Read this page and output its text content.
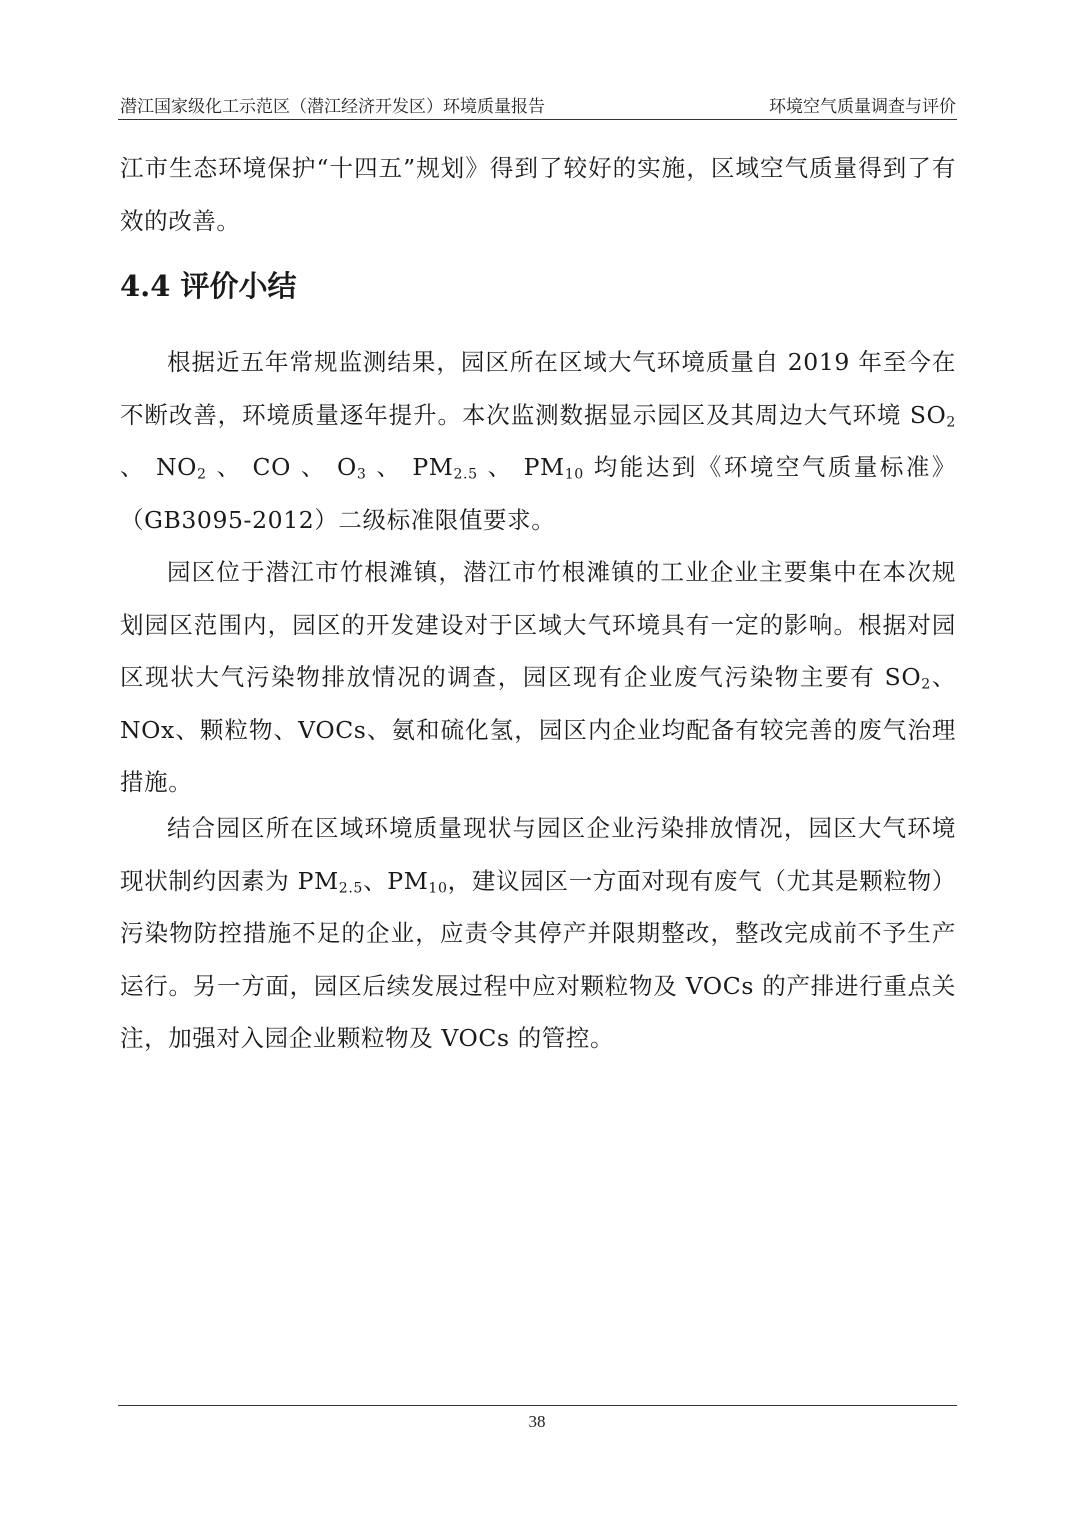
潜江国家级化工示范区（潜江经济开发区）环境质量报告	环境空气质量调查与评价
江市生态环境保护“十四五”规划》得到了较好的实施，区域空气质量得到了有效的改善。
4.4 评价小结
根据近五年常规监测结果，园区所在区域大气环境质量自 2019 年至今在不断改善，环境质量逐年提升。本次监测数据显示园区及其周边大气环境 $SO_2$ 、 $NO_2$ 、 CO 、 $O_3$ 、 $PM_{2.5}$ 、 $PM_{10}$ 均能达到《环境空气质量标准》（GB3095-2012）二级标准限值要求。
园区位于潜江市竹根滩镇，潜江市竹根滩镇的工业企业主要集中在本次规划园区范围内，园区的开发建设对于区域大气环境具有一定的影响。根据对园区现状大气污染物排放情况的调查，园区现有企业废气污染物主要有 $SO_2$、NOx、颗粒物、VOCs、氨和硫化氢，园区内企业均配备有较完善的废气治理措施。
结合园区所在区域环境质量现状与园区企业污染排放情况，园区大气环境现状制约因素为 $PM_{2.5}$、$PM_{10}$，建议园区一方面对现有废气（尤其是颗粒物）污染物防控措施不足的企业，应责令其停产并限期整改，整改完成前不予生产运行。另一方面，园区后续发展过程中应对颗粒物及 VOCs 的产排进行重点关注，加强对入园企业颗粒物及 VOCs 的管控。
38
